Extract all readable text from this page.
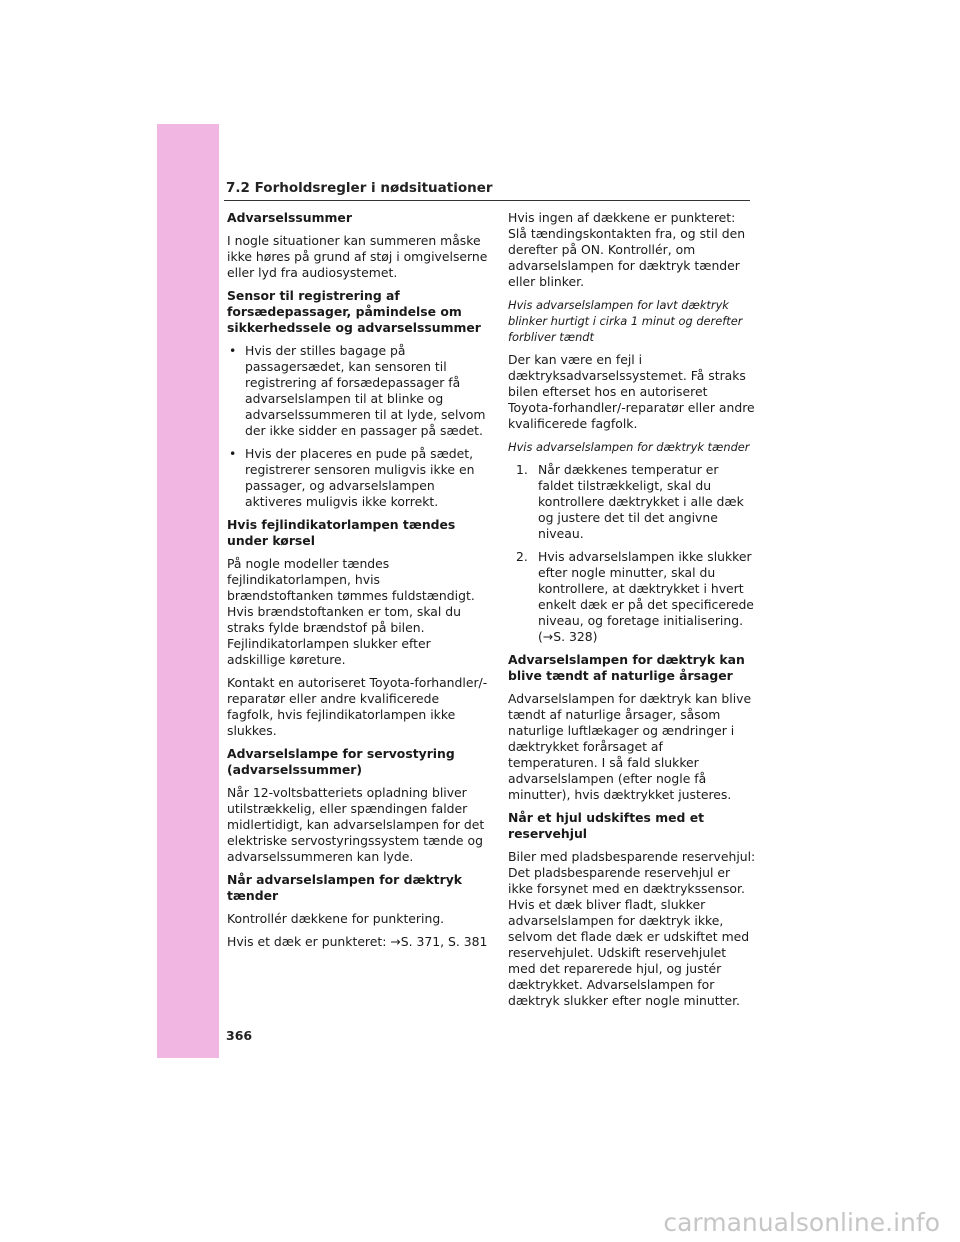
7.2 Forholdsregler i nødsituationer

Advarselssummer

I nogle situationer kan summeren måske ikke høres på grund af støj i omgivelserne eller lyd fra audiosystemet.

Sensor til registrering af forsædepassager, påmindelse om sikkerhedssele og advarselssummer

• Hvis der stilles bagage på passagersædet, kan sensoren til registrering af forsædepassager få advarselslampen til at blinke og advarselssummeren til at lyde, selvom der ikke sidder en passager på sædet.
• Hvis der placeres en pude på sædet, registrerer sensoren muligvis ikke en passager, og advarselslampen aktiveres muligvis ikke korrekt.

Hvis fejlindikatorlampen tændes under kørsel

På nogle modeller tændes fejlindikatorlampen, hvis brændstoftanken tømmes fuldstændigt. Hvis brændstoftanken er tom, skal du straks fylde brændstof på bilen. Fejlindikatorlampen slukker efter adskillige køreture.

Kontakt en autoriseret Toyota-forhandler/-reparatør eller andre kvalificerede fagfolk, hvis fejlindikatorlampen ikke slukkes.

Advarselslampe for servostyring (advarselssummer)

Når 12-voltsbatteriets opladning bliver utilstrækkelig, eller spændingen falder midlertidigt, kan advarselslampen for det elektriske servostyringssystem tænde og advarselssummeren kan lyde.

Når advarselslampen for dæktryk tænder

Kontrollér dækkene for punktering.

Hvis et dæk er punkteret: →S. 371, S. 381

Hvis ingen af dækkene er punkteret: Slå tændingskontakten fra, og stil den derefter på ON. Kontrollér, om advarselslampen for dæktryk tænder eller blinker.

Hvis advarselslampen for lavt dæktryk blinker hurtigt i cirka 1 minut og derefter forbliver tændt

Der kan være en fejl i dæktryksadvarselssystemet. Få straks bilen efterset hos en autoriseret Toyota-forhandler/-reparatør eller andre kvalificerede fagfolk.

Hvis advarselslampen for dæktryk tænder

1. Når dækkenes temperatur er faldet tilstrækkeligt, skal du kontrollere dæktrykket i alle dæk og justere det til det angivne niveau.
2. Hvis advarselslampen ikke slukker efter nogle minutter, skal du kontrollere, at dæktrykket i hvert enkelt dæk er på det specificerede niveau, og foretage initialisering. (→S. 328)

Advarselslampen for dæktryk kan blive tændt af naturlige årsager

Advarselslampen for dæktryk kan blive tændt af naturlige årsager, såsom naturlige luftlækager og ændringer i dæktrykket forårsaget af temperaturen. I så fald slukker advarselslampen (efter nogle få minutter), hvis dæktrykket justeres.

Når et hjul udskiftes med et reservehjul

Biler med pladsbesparende reservehjul: Det pladsbesparende reservehjul er ikke forsynet med en dæktrykssensor. Hvis et dæk bliver fladt, slukker advarselslampen for dæktryk ikke, selvom det flade dæk er udskiftet med reservehjulet. Udskift reservehjulet med det reparerede hjul, og justér dæktrykket. Advarselslampen for dæktryk slukker efter nogle minutter.

366
carmanualsonline.info
